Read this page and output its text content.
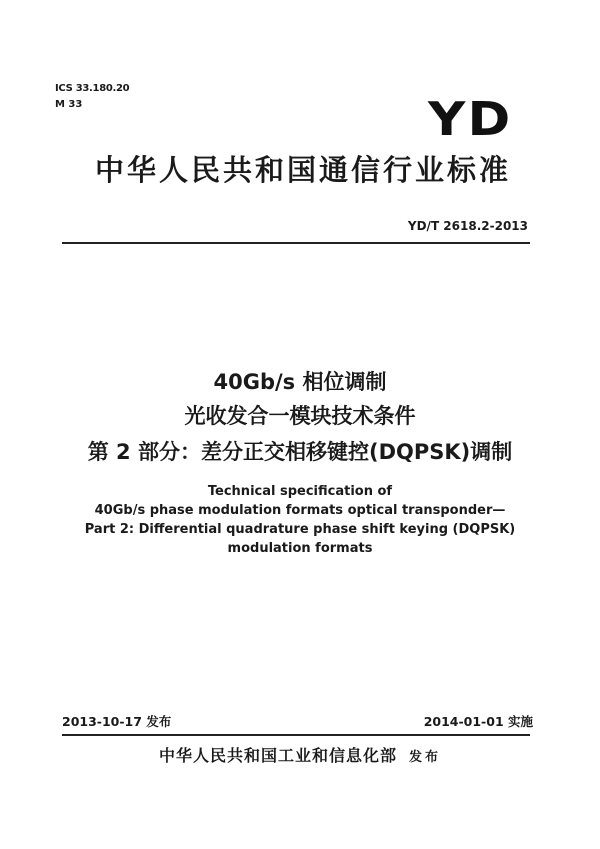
ICS 33.180.20
M 33	YD
中华人民共和国通信行业标准
YD/T 2618.2-2013
40Gb/s 相位调制
光收发合一模块技术条件
第 2 部分：差分正交相移键控(DQPSK)调制
Technical specification of
40Gb/s phase modulation formats optical transponder—
Part 2: Differential quadrature phase shift keying (DQPSK)
modulation formats
2013-10-17 发布	2014-01-01 实施
中华人民共和国工业和信息化部 发布
